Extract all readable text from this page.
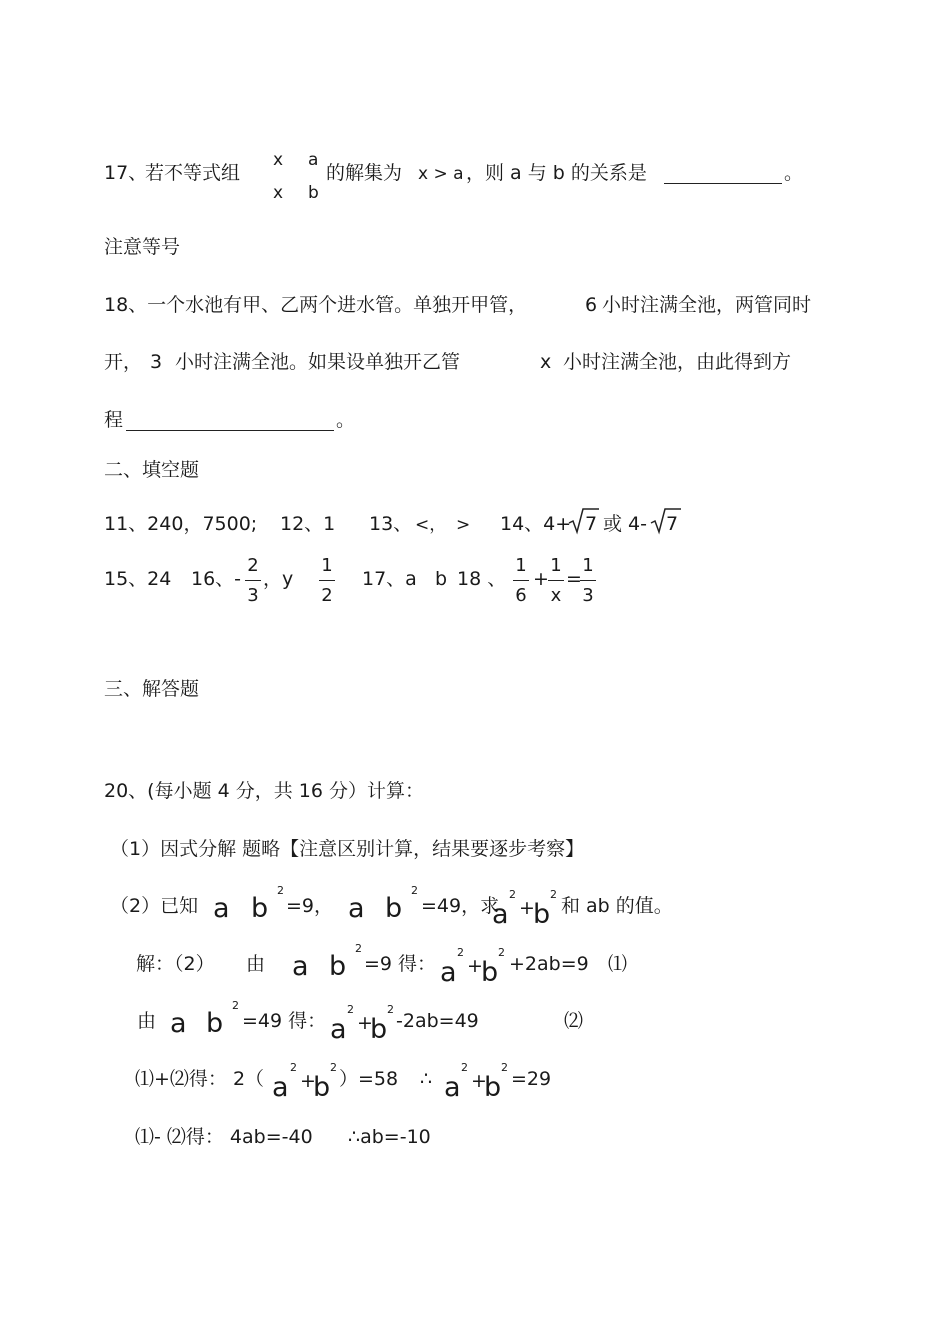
17、
若不等式组
x a
x b
的解集为 x > a ，则 a 与 b 的关系是	。
注意等号
18、一个水池有甲、乙两个进水管。单独开甲管，	6 小时注满全池，两管同时
开， 3 小时注满全池。如果设单独开乙管	x 小时注满全池，由此得到方
程	。
二、填空题
11、240，7500; 12、1 13、 <， > 14、4+ 7 或 4- 7
15、24 16、-
2
3
，y
1
2
17、a   b 18 、
1
6
+
1
x
=
1
3
三、解答题
20、(每小题 4 分，共 16 分）计算：
（1）因式分解 题略【注意区别计算，结果要逐步考察】
（2）已知 a b
2
=9， a b
2
=49，求
a
2
+
b
2
和 ab 的值。
解：（2） 由 a b
2
=9 得： a
2
+
b
2
+2ab=9 ⑴
由 a b
2
=49 得： a
2
+
b
2
-2ab=49	⑵
⑴+⑵得： 2（ a
2
+
b
2
）=58 ∴ a
2
+
b
2
=29
⑴- ⑵得： 4ab=-40 ∴ab=-10
